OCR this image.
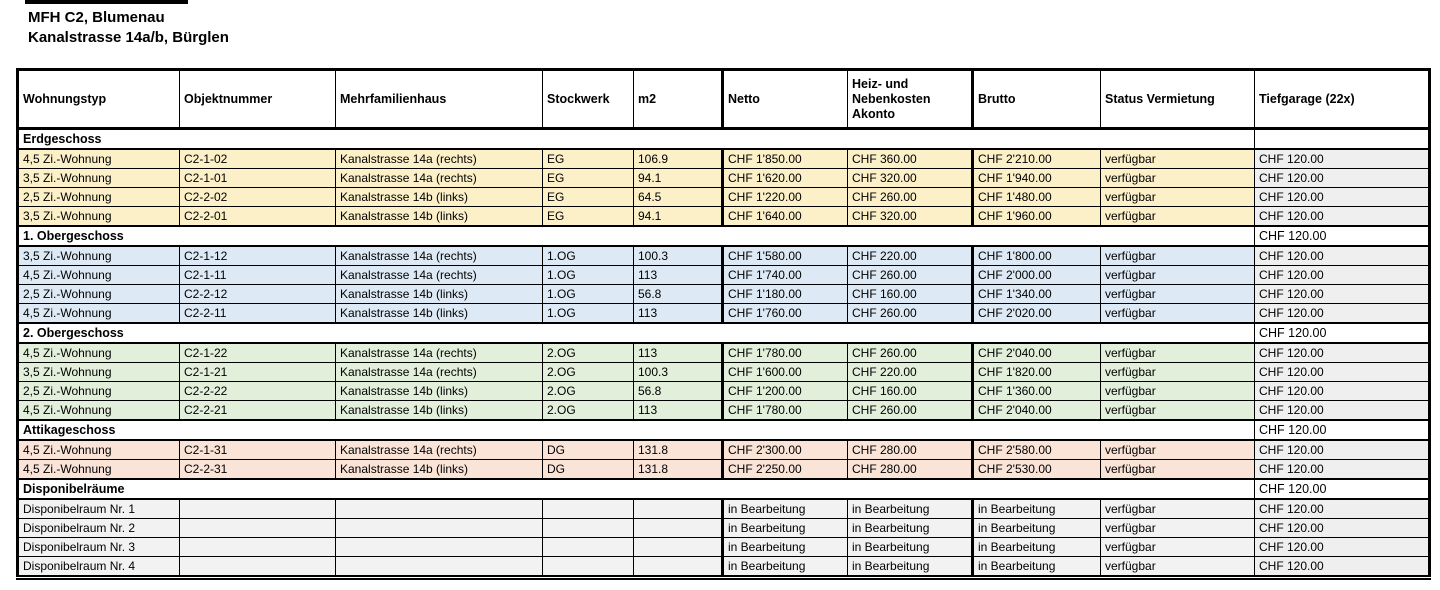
MFH C2, Blumenau
Kanalstrasse 14a/b, Bürglen
Wohnungstyp	Objektnummer	Mehrfamilienhaus	Stockwerk	m2	Netto	Heiz- und Nebenkosten Akonto	Brutto	Status Vermietung	Tiefgarage (22x)
Erdgeschoss									
4,5 Zi.-Wohnung	C2-1-02	Kanalstrasse 14a (rechts)	EG	106.9	CHF 1'850.00	CHF 360.00	CHF 2'210.00	verfügbar	CHF 120.00
3,5 Zi.-Wohnung	C2-1-01	Kanalstrasse 14a (rechts)	EG	94.1	CHF 1'620.00	CHF 320.00	CHF 1'940.00	verfügbar	CHF 120.00
2,5 Zi.-Wohnung	C2-2-02	Kanalstrasse 14b (links)	EG	64.5	CHF 1'220.00	CHF 260.00	CHF 1'480.00	verfügbar	CHF 120.00
3,5 Zi.-Wohnung	C2-2-01	Kanalstrasse 14b (links)	EG	94.1	CHF 1'640.00	CHF 320.00	CHF 1'960.00	verfügbar	CHF 120.00
1. Obergeschoss									CHF 120.00
3,5 Zi.-Wohnung	C2-1-12	Kanalstrasse 14a (rechts)	1.OG	100.3	CHF 1'580.00	CHF 220.00	CHF 1'800.00	verfügbar	CHF 120.00
4,5 Zi.-Wohnung	C2-1-11	Kanalstrasse 14a (rechts)	1.OG	113	CHF 1'740.00	CHF 260.00	CHF 2'000.00	verfügbar	CHF 120.00
2,5 Zi.-Wohnung	C2-2-12	Kanalstrasse 14b (links)	1.OG	56.8	CHF 1'180.00	CHF 160.00	CHF 1'340.00	verfügbar	CHF 120.00
4,5 Zi.-Wohnung	C2-2-11	Kanalstrasse 14b (links)	1.OG	113	CHF 1'760.00	CHF 260.00	CHF 2'020.00	verfügbar	CHF 120.00
2. Obergeschoss									CHF 120.00
4,5 Zi.-Wohnung	C2-1-22	Kanalstrasse 14a (rechts)	2.OG	113	CHF 1'780.00	CHF 260.00	CHF 2'040.00	verfügbar	CHF 120.00
3,5 Zi.-Wohnung	C2-1-21	Kanalstrasse 14a (rechts)	2.OG	100.3	CHF 1'600.00	CHF 220.00	CHF 1'820.00	verfügbar	CHF 120.00
2,5 Zi.-Wohnung	C2-2-22	Kanalstrasse 14b (links)	2.OG	56.8	CHF 1'200.00	CHF 160.00	CHF 1'360.00	verfügbar	CHF 120.00
4,5 Zi.-Wohnung	C2-2-21	Kanalstrasse 14b (links)	2.OG	113	CHF 1'780.00	CHF 260.00	CHF 2'040.00	verfügbar	CHF 120.00
Attikageschoss									CHF 120.00
4,5 Zi.-Wohnung	C2-1-31	Kanalstrasse 14a (rechts)	DG	131.8	CHF 2'300.00	CHF 280.00	CHF 2'580.00	verfügbar	CHF 120.00
4,5 Zi.-Wohnung	C2-2-31	Kanalstrasse 14b (links)	DG	131.8	CHF 2'250.00	CHF 280.00	CHF 2'530.00	verfügbar	CHF 120.00
Disponibelräume									CHF 120.00
Disponibelraum Nr. 1					in Bearbeitung	in Bearbeitung	in Bearbeitung	verfügbar	CHF 120.00
Disponibelraum Nr. 2					in Bearbeitung	in Bearbeitung	in Bearbeitung	verfügbar	CHF 120.00
Disponibelraum Nr. 3					in Bearbeitung	in Bearbeitung	in Bearbeitung	verfügbar	CHF 120.00
Disponibelraum Nr. 4					in Bearbeitung	in Bearbeitung	in Bearbeitung	verfügbar	CHF 120.00
